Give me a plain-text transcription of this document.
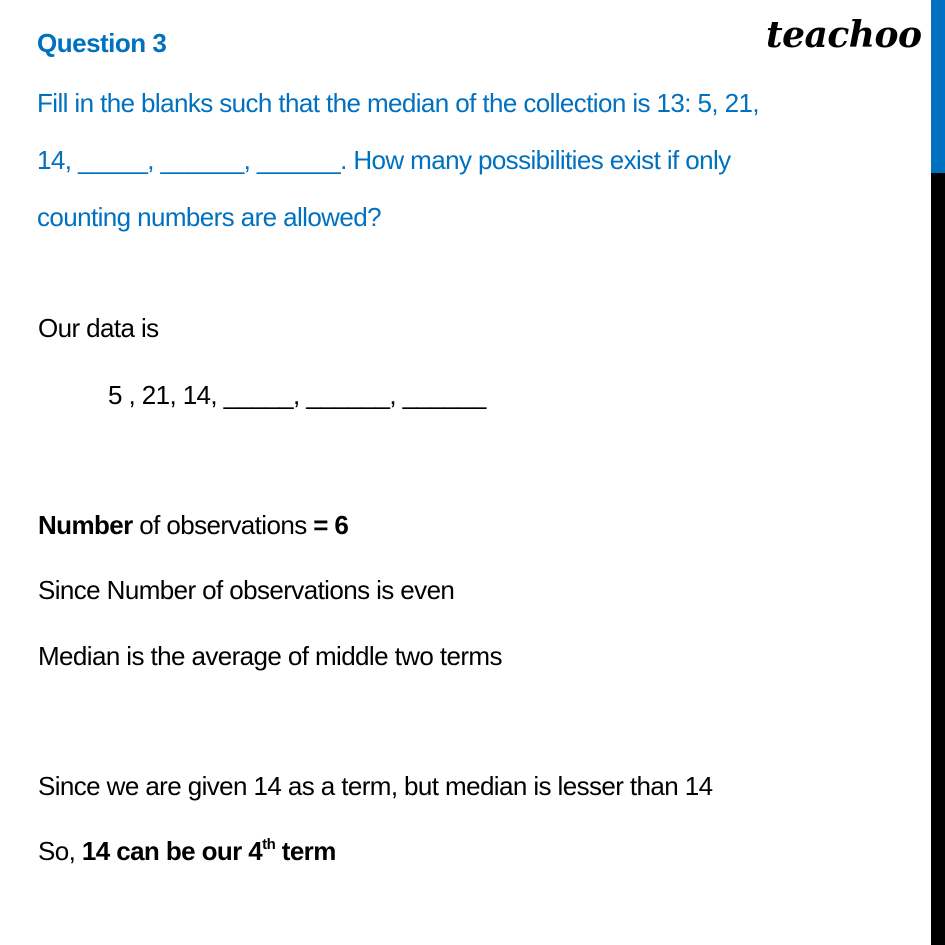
Question 3	teachoo
Fill in the blanks such that the median of the collection is 13: 5, 21,
14, _____, ______, ______. How many possibilities exist if only
counting numbers are allowed?
Our data is
5 , 21, 14, _____, ______, ______
Number of observations = 6
Since Number of observations is even
Median is the average of middle two terms
Since we are given 14 as a term, but median is lesser than 14
So, 14 can be our 4th term
